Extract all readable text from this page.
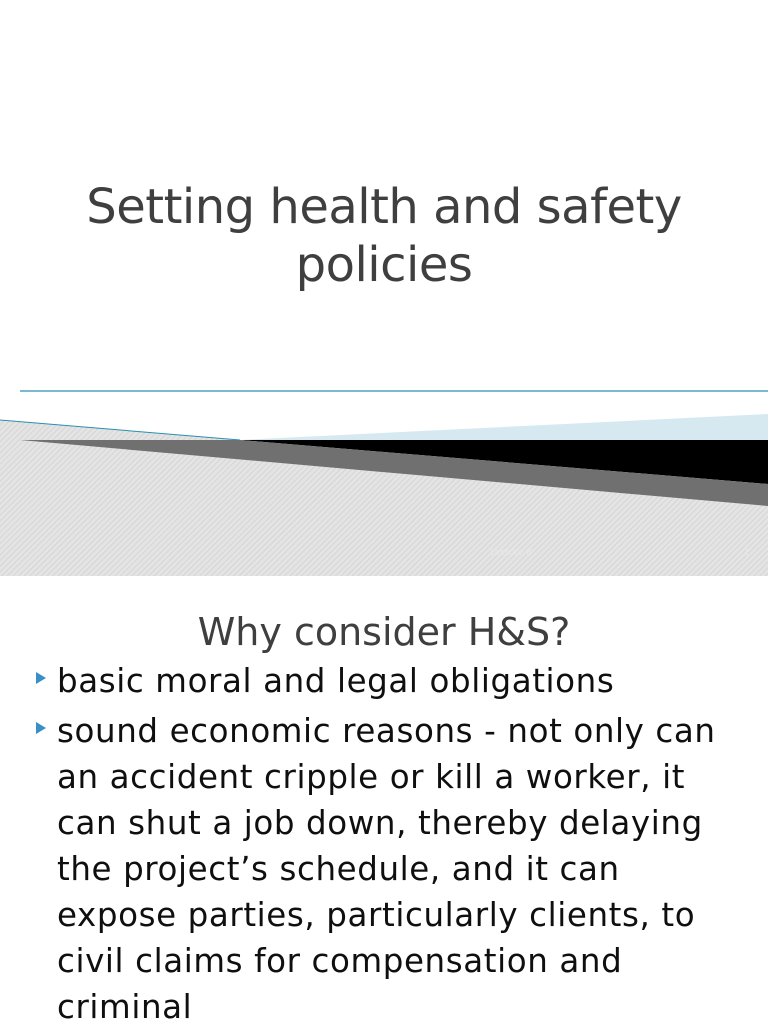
Setting health and safety policies
Lecture 8	1
Why consider H&S?
basic moral and legal obligations
sound economic reasons - not only can an accident cripple or kill a worker, it can shut a job down, thereby delaying the project’s schedule, and it can expose parties, particularly clients, to civil claims for compensation and criminal
